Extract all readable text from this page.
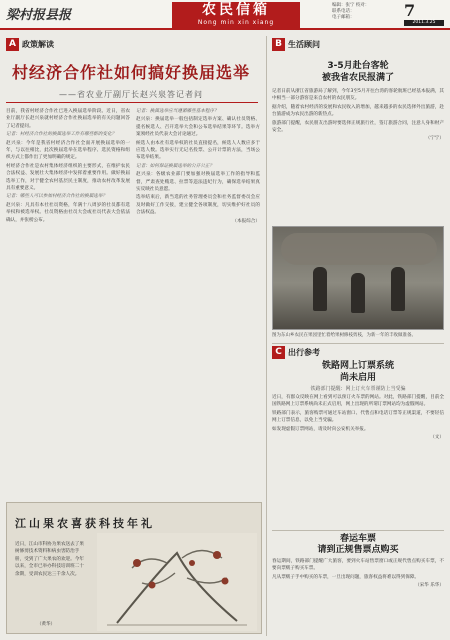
梁村报县报	农民信箱
Nong min xin xiang
编辑：张宁 校对：
联系电话：
电子邮箱：	7
2011.3.25
A 政策解读	B 生活顾问
村经济合作社如何搞好换届选举
——省农业厅副厅长赵兴泉答记者问

目前，我省村经济合作社已进入换届选举阶段。近日，省农业厅副厅长赵兴泉就村经济合作社换届选举的有关问题回答了记者提问。

记者：村经济合作社的换届选举工作有哪些新的变化？

赵兴泉：今年是我省村经济合作社全面开展换届选举的一年，与以往相比，此次换届选举在选举程序、选民资格和组织方式上都作出了更加明确的规定。

村经济合作社是农村集体经济组织的主要形式，在维护农民合法权益、发展壮大集体经济中发挥着重要作用。做好换届选举工作，对于健全农村基层民主制度，推动农村改革发展具有重要意义。

记者：哪些人可以参加村经济合作社的换届选举？

赵兴泉：凡具有本社社员资格，年满十八周岁的社员都有选举权和被选举权。社员资格由社员大会或社员代表大会依法确认，并张榜公布。

记者：换届选举应当遵循哪些基本程序？

赵兴泉：换届选举一般包括制定选举方案、确认社员资格、提名候选人、召开选举大会和公布选举结果等环节。选举方案须经社员代表大会讨论通过。

候选人由本社有选举权的社员直接提名，候选人人数应多于应选人数。选举实行无记名投票、公开计票的方法，当场公布选举结果。

记者：如何保证换届选举的公开公正？

赵兴泉：各级农业部门要加强对换届选举工作的指导和监督，严肃查处贿选、拉票等违法违纪行为，确保选举结果真实反映社员意愿。

选举结束后，新当选的社务管理委员会和社务监督委员会应及时做好工作交接，建立健全各项制度，切实维护好社员的合法权益。

（本报综合）

3-5月赴台客轮
被我省农民报满了

记者日前从浙江省旅游局了解到，今年3至5月开往台湾的客轮航班已经基本报满，其中相当一部分游客是来自农村的农民朋友。

据介绍，随着农村经济的发展和农民收入的增加，越来越多的农民选择外出旅游，赴台旅游成为农民出游的新热点。

旅游部门提醒，农民朋友出游时要选择正规旅行社，签订旅游合同，注意人身和财产安全。

（宁宁）

图为东山乡农民在果园里忙着给果树修枝剪枝，为新一年的丰收做准备。
C 出行参考
铁路网上订票系统
尚未启用
铁路部门提醒：网上订火车票谨防上当受骗

近日，有群众反映在网上看到可以预订火车票的网站。对此，铁路部门提醒，目前全国铁路网上订票系统尚未正式启用，网上出现的所谓订票网站均为虚假网站。

铁路部门表示，旅客购票可通过车站窗口、代售点和电话订票等正规渠道，不要轻信网上订票信息，以免上当受骗。

如发现虚假订票网站，请及时向公安机关举报。

（文）

春运车票
请到正规售票点购买

春运期间，铁路部门提醒广大旅客，要到火车站售票窗口或正规代售点购买车票，不要向票贩子购买车票。

凡从票贩子手中购买的车票，一旦出现问题，旅客权益将难以得到保障。

（宋华 乐华）

江山果农喜获科技年礼
近日，江山市科协为果农送去了果树修剪技术资料和病虫害防治手册，受到了广大果农的欢迎。今年以来，全市已举办科技培训班二十余期，受训农民达三千余人次。
（黄华）
